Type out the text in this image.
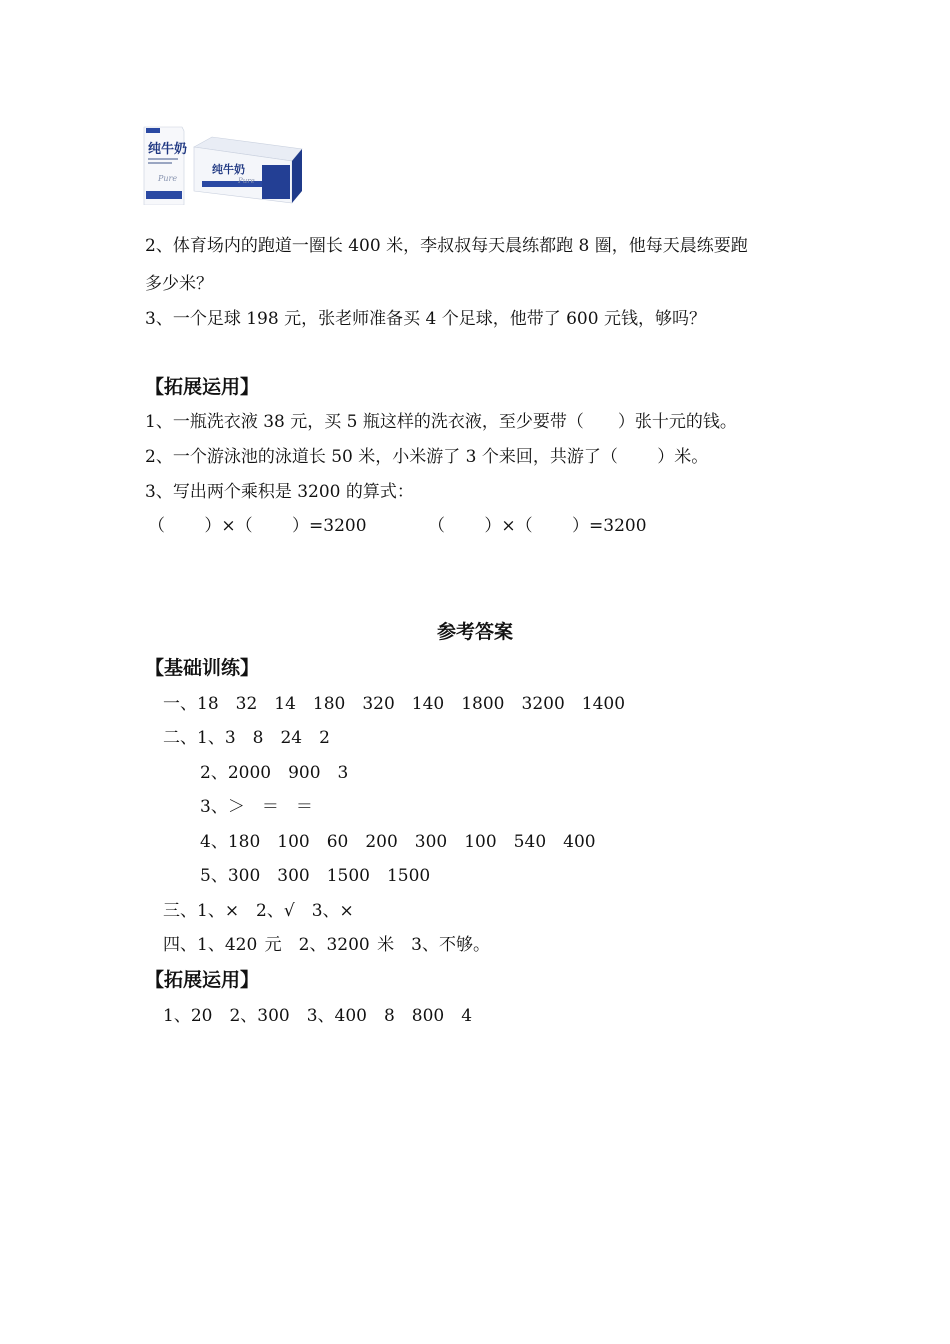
纯牛奶
Pure
纯牛奶
Pure
2、体育场内的跑道一圈长 400 米，李叔叔每天晨练都跑 8 圈，他每天晨练要跑
多少米？
3、一个足球 198 元，张老师准备买 4 个足球，他带了 600 元钱，够吗？
【拓展运用】
1、一瓶洗衣液 38 元，买 5 瓶这样的洗衣液，至少要带（　　）张十元的钱。
2、一个游泳池的泳道长 50 米，小米游了 3 个来回，共游了（　　 ）米。
3、写出两个乘积是 3200 的算式：
（　　 ）×（　　 ）=3200	（　　 ）×（　　 ）=3200
参考答案
【基础训练】
一、18　32　14　180　320　140　1800　3200　1400
二、1、3　8　24　2
2、2000　900　3
3、＞　＝　＝
4、180　100　60　200　300　100　540　400
5、300　300　1500　1500
三、1、×　2、√　3、×
四、1、420 元　2、3200 米　3、不够。
【拓展运用】
1、20　2、300　3、400　8　800　4
